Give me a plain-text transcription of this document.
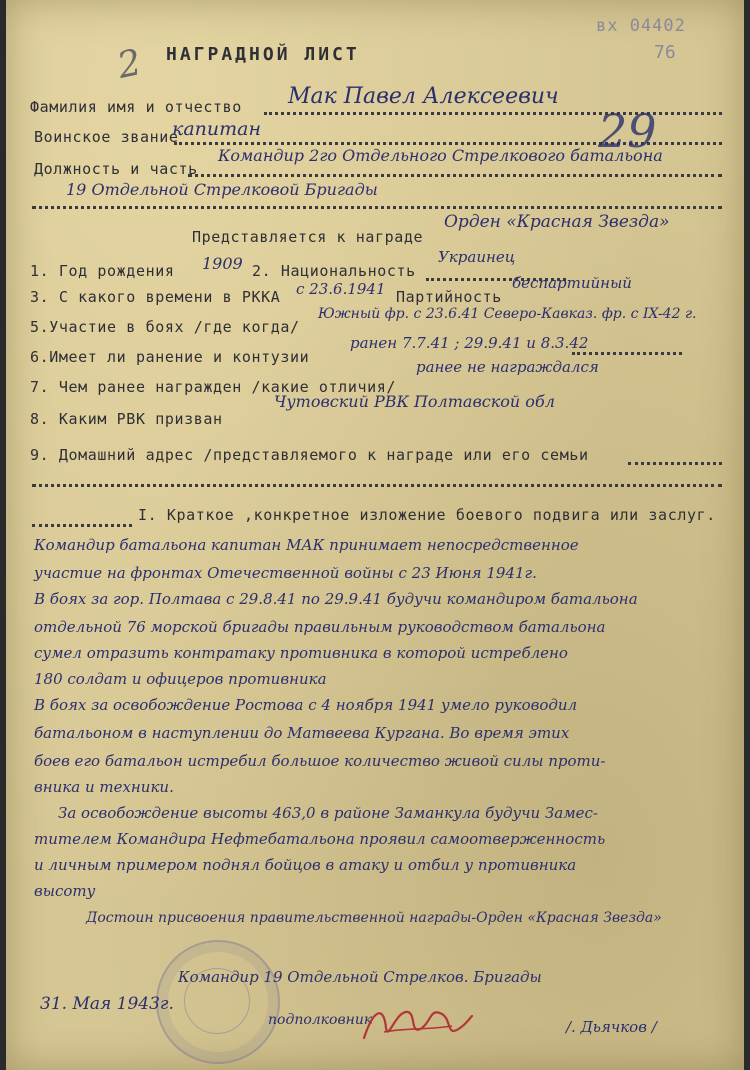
2 НАГРАДНОЙ ЛИСТ
вх 04402
76
Фамилия имя и отчество Мак Павел Алексеевич
Воинское звание
капитан	29
Должность и часть
Командир 2го Отдельного Стрелкового батальона
19 Отдельной Стрелковой Бригады
Представляется к награде
Орден «Красная Звезда»
Украинец
1. Год рождения 1909 2. Национальность
3. С какого времени в РККА с 23.6.1941 Партийность
беспартийный
5.Участие в боях /где когда/
Южный фр. с 23.6.41 Северо-Кавказ. фр. с IX-42 г.
6.Имеет ли ранение и контузии
ранен 7.7.41 ; 29.9.41 и 8.3.42
7. Чем ранее награжден /какие отличия/
ранее не награждался
8. Каким РВК призван
Чутовский РВК Полтавской обл
9. Домашний адрес /представляемого к награде или его семьи
I. Краткое ,конкретное изложение боевого подвига или заслуг.
Командир батальона капитан МАК принимает непосредственное
участие на фронтах Отечественной войны с 23 Июня 1941г.
В боях за гор. Полтава с 29.8.41 по 29.9.41 будучи командиром батальона
отдельной 76 морской бригады правильным руководством батальона
сумел отразить контратаку противника в которой истреблено
180 солдат и офицеров противника
В боях за освобождение Ростова с 4 ноября 1941 умело руководил
батальоном в наступлении до Матвеева Кургана. Во время этих
боев его батальон истребил большое количество живой силы проти-
вника и техники.
За освобождение высоты 463,0 в районе Заманкула будучи Замес-
тителем Командира Нефтебатальона проявил самоотверженность
и личным примером поднял бойцов в атаку и отбил у противника
высоту
Достоин присвоения правительственной награды-Орден «Красная Звезда»
Командир 19 Отдельной Стрелков. Бригады
подполковник
31. Мая 1943г.
/. Дьячков /
